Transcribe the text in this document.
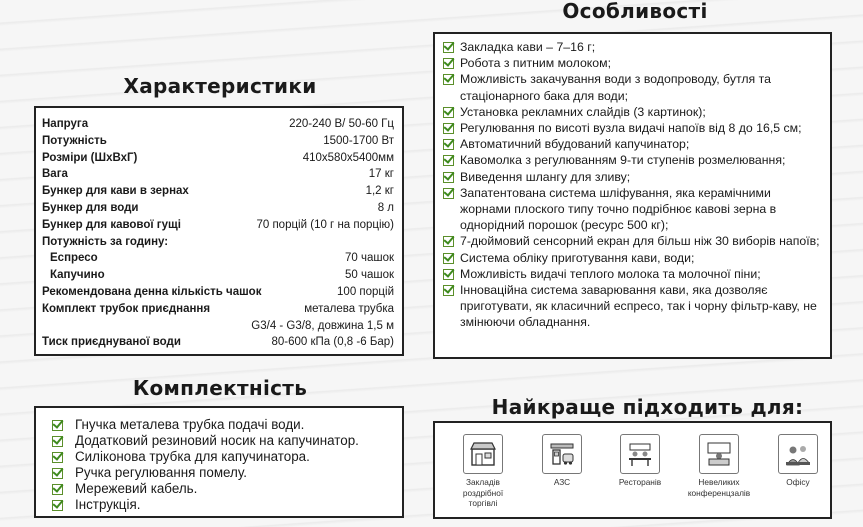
Особливості
Закладка кави – 7–16 г;
Робота з питним молоком;
Можливість закачування води з водопроводу, бутля та стаціонарного бака для води;
Установка рекламних слайдів (3 картинок);
Регулювання по висоті вузла видачі напоїв від 8 до 16,5 см;
Автоматичний вбудований капучинатор;
Кавомолка з регулюванням 9-ти ступенів розмелювання;
Виведення шлангу для зливу;
Запатентована система шліфування, яка керамічними жорнами плоского типу точно подрібнює кавові зерна в однорідний порошок (ресурс 500 кг);
7-дюймовий сенсорний екран для більш ніж 30 виборів напоїв;
Система обліку приготування кави, води;
Можливість видачі теплого молока та молочної піни;
Інноваційна система заварювання кави, яка дозволяє приготувати, як класичний еспресо, так і чорну фільтр-каву, не змінюючи обладнання.
Характеристики
Напруга	220-240 В/ 50-60 Гц
Потужність	1500-1700 Вт
Розміри (ШхВхГ)	410x580x5400мм
Вага	17 кг
Бункер для кави в зернах	1,2 кг
Бункер для води	8 л
Бункер для кавової гущі	70 порцій (10 г на порцію)
Потужність за годину:
Еспресо	70 чашок
Капучино	50 чашок
Рекомендована денна кількість чашок	100 порцій
Комплект трубок приєднання	металева трубка
G3/4 - G3/8, довжина 1,5 м
Тиск приєднуваної води	80-600 кПа (0,8 -6 Бар)
Комплектність
Гнучка металева трубка подачі води.
Додатковий резиновий носик на капучинатор.
Силіконова трубка для капучинатора.
Ручка регулювання помелу.
Мережевий кабель.
Інструкція.
Найкраще підходить для:
Закладів роздрібної торгівлі
АЗС	Ресторанів	Невеликих конференцзалів
Офісу
